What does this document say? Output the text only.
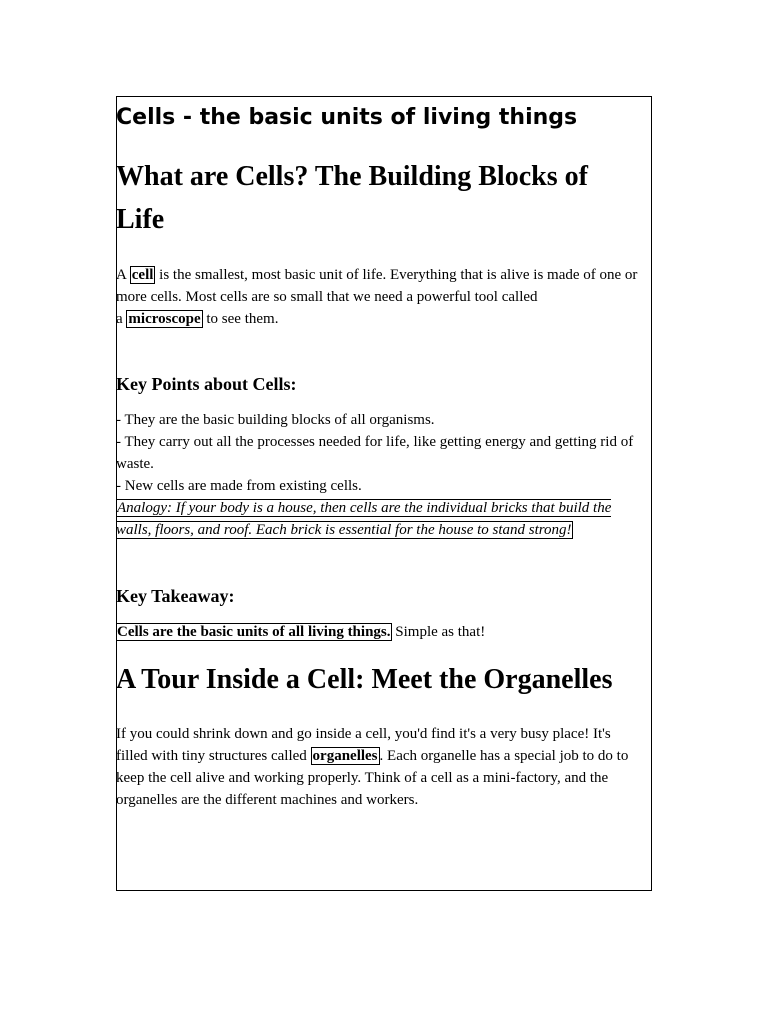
Cells - the basic units of living things
What are Cells? The Building Blocks of
Life

A cell is the smallest, most basic unit of life. Everything that is alive is made of one or
more cells. Most cells are so small that we need a powerful tool called
a microscope to see them.

Key Points about Cells:

- They are the basic building blocks of all organisms.
- They carry out all the processes needed for life, like getting energy and getting rid of
waste.
- New cells are made from existing cells.
Analogy: If your body is a house, then cells are the individual bricks that build the
walls, floors, and roof. Each brick is essential for the house to stand strong!

Key Takeaway:

Cells are the basic units of all living things. Simple as that!

A Tour Inside a Cell: Meet the Organelles

If you could shrink down and go inside a cell, you'd find it's a very busy place! It's
filled with tiny structures called organelles . Each organelle has a special job to do to
keep the cell alive and working properly. Think of a cell as a mini-factory, and the
organelles are the different machines and workers.
